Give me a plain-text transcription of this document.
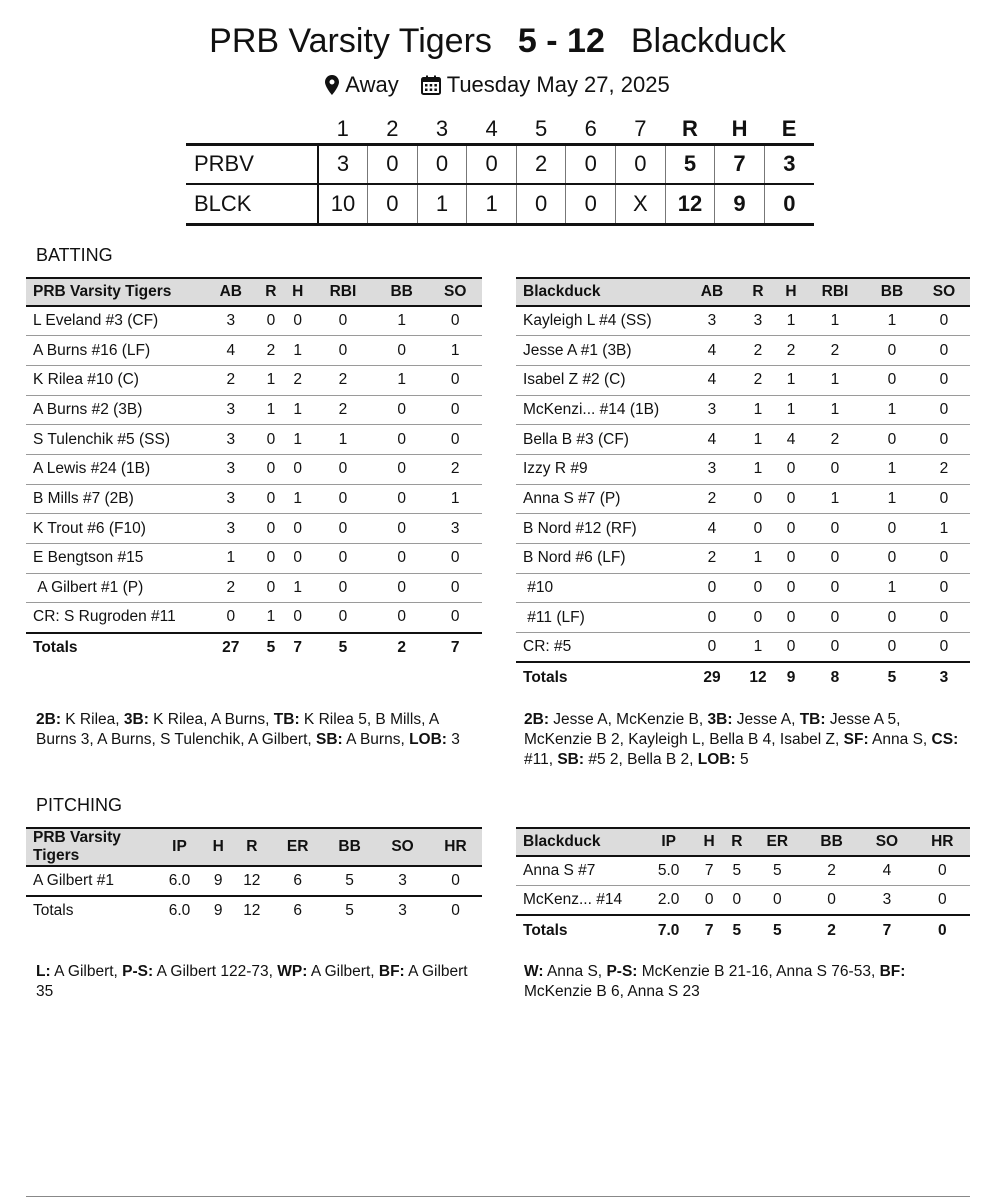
PRB Varsity Tigers 5 - 12 Blackduck
Away Tuesday May 27, 2025
	1	2	3	4	5	6	7	R	H	E
PRBV	3	0	0	0	2	0	0	5	7	3
BLCK	10	0	1	1	0	0	X	12	9	0
BATTING
PITCHING
PRB Varsity Tigers	AB	R	H	RBI	BB	SO
L Eveland #3 (CF)	3	0	0	0	1	0
A Burns #16 (LF)	4	2	1	0	0	1
K Rilea #10 (C)	2	1	2	2	1	0
A Burns #2 (3B)	3	1	1	2	0	0
S Tulenchik #5 (SS)	3	0	1	1	0	0
A Lewis #24 (1B)	3	0	0	0	0	2
B Mills #7 (2B)	3	0	1	0	0	1
K Trout #6 (F10)	3	0	0	0	0	3
E Bengtson #15	1	0	0	0	0	0
A Gilbert #1 (P)	2	0	1	0	0	0
CR: S Rugroden #11	0	1	0	0	0	0
Totals	27	5	7	5	2	7
Blackduck	AB	R	H	RBI	BB	SO
Kayleigh L #4 (SS)	3	3	1	1	1	0
Jesse A #1 (3B)	4	2	2	2	0	0
Isabel Z #2 (C)	4	2	1	1	0	0
McKenzi... #14 (1B)	3	1	1	1	1	0
Bella B #3 (CF)	4	1	4	2	0	0
Izzy R #9	3	1	0	0	1	2
Anna S #7 (P)	2	0	0	1	1	0
B Nord #12 (RF)	4	0	0	0	0	1
B Nord #6 (LF)	2	1	0	0	0	0
#10	0	0	0	0	1	0
#11 (LF)	0	0	0	0	0	0
CR: #5	0	1	0	0	0	0
Totals	29	12	9	8	5	3
PRB Varsity Tigers	IP	H	R	ER	BB	SO	HR
A Gilbert #1	6.0	9	12	6	5	3	0
Totals	6.0	9	12	6	5	3	0
Blackduck	IP	H	R	ER	BB	SO	HR
Anna S #7	5.0	7	5	5	2	4	0
McKenz... #14	2.0	0	0	0	0	3	0
Totals	7.0	7	5	5	2	7	0
2B: K Rilea, 3B: K Rilea, A Burns, TB: K Rilea 5, B Mills, A Burns 3, A Burns, S Tulenchik, A Gilbert, SB: A Burns, LOB: 3
2B: Jesse A, McKenzie B, 3B: Jesse A, TB: Jesse A 5, McKenzie B 2, Kayleigh L, Bella B 4, Isabel Z, SF: Anna S, CS: #11, SB: #5 2, Bella B 2, LOB: 5
L: A Gilbert, P-S: A Gilbert 122-73, WP: A Gilbert, BF: A Gilbert 35
W: Anna S, P-S: McKenzie B 21-16, Anna S 76-53, BF: McKenzie B 6, Anna S 23
